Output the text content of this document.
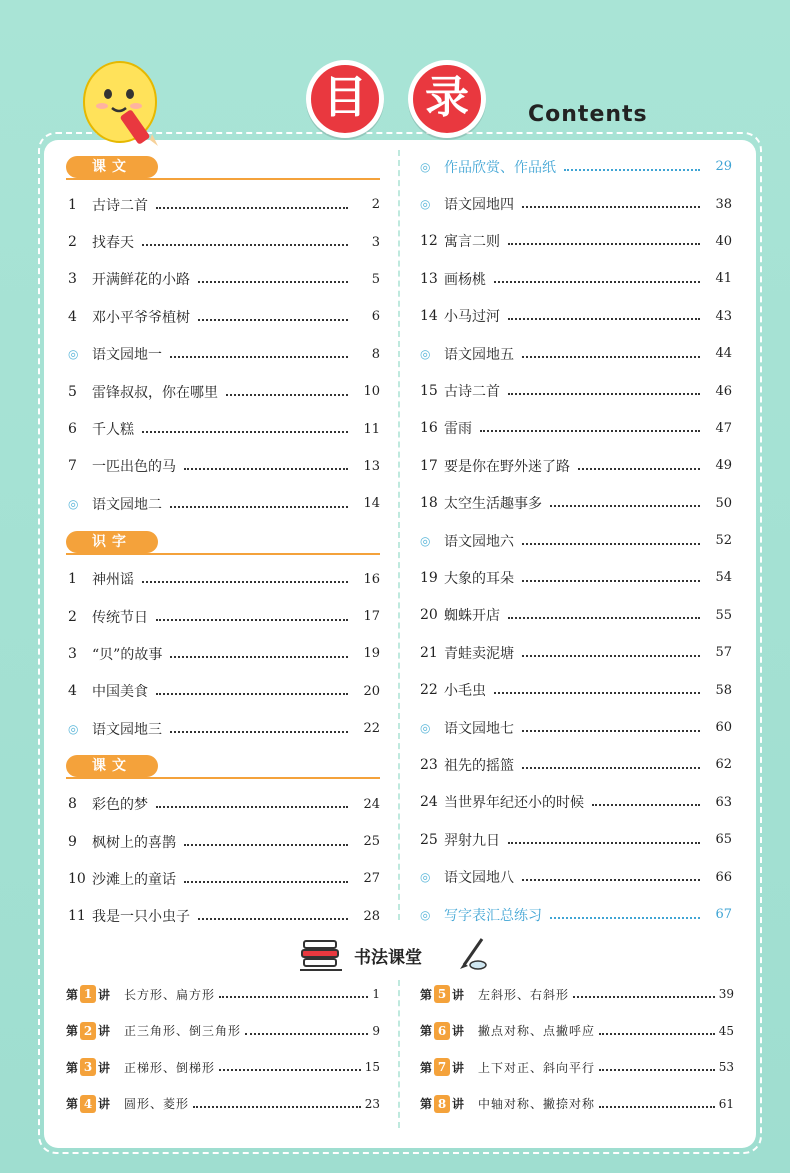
目	录	Contents
课文
1	古诗二首	2
2	找春天	3
3	开满鲜花的小路	5
4	邓小平爷爷植树	6
◎ 语文园地一	8
5	雷锋叔叔，你在哪里	10
6	千人糕	11
7	一匹出色的马	13
◎ 语文园地二	14
识字
1	神州谣	16
2	传统节日	17
3	“贝”的故事	19
4	中国美食	20
◎ 语文园地三	22
课文
8	彩色的梦	24
9	枫树上的喜鹊	25
10 沙滩上的童话	27
11 我是一只小虫子	28
◎ 作品欣赏、作品纸	29
◎ 语文园地四	38
12 寓言二则	40
13 画杨桃	41
14 小马过河	43
◎ 语文园地五	44
15 古诗二首	46
16 雷雨	47
17 要是你在野外迷了路	49
18 太空生活趣事多	50
◎ 语文园地六	52
19 大象的耳朵	54
20 蜘蛛开店	55
21 青蛙卖泥塘	57
22 小毛虫	58
◎ 语文园地七	60
23 祖先的摇篮	62
24 当世界年纪还小的时候	63
25 羿射九日	65
◎ 语文园地八	66
◎ 写字表汇总练习	67
书法课堂
第 1 讲 长方形、扁方形	1
第 2 讲 正三角形、倒三角形	9
第 3 讲 正梯形、倒梯形	15
第 4 讲 圆形、菱形	23
第 5 讲 左斜形、右斜形	39
第 6 讲 撇点对称、点撇呼应	45
第 7 讲 上下对正、斜向平行	53
第 8 讲 中轴对称、撇捺对称	61
